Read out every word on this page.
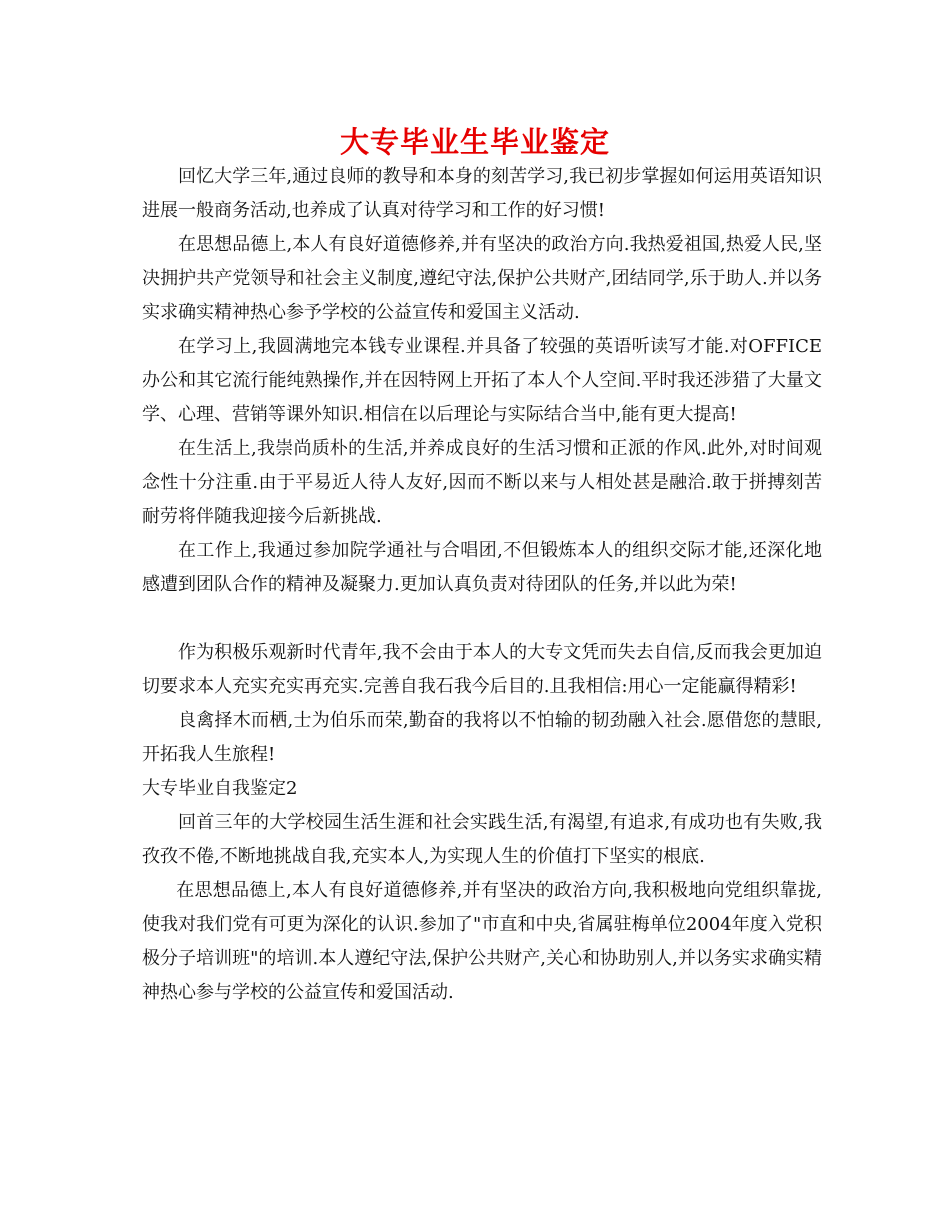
大专毕业生毕业鉴定

回忆大学三年,通过良师的教导和本身的刻苦学习,我已初步掌握如何运用英语知识进展一般商务活动,也养成了认真对待学习和工作的好习惯!

在思想品德上,本人有良好道德修养,并有坚决的政治方向.我热爱祖国,热爱人民,坚决拥护共产党领导和社会主义制度,遵纪守法,保护公共财产,团结同学,乐于助人.并以务实求确实精神热心参予学校的公益宣传和爱国主义活动.

在学习上,我圆满地完本钱专业课程.并具备了较强的英语听读写才能.对OFFICE办公和其它流行能纯熟操作,并在因特网上开拓了本人个人空间.平时我还涉猎了大量文学、心理、营销等课外知识.相信在以后理论与实际结合当中,能有更大提高!

在生活上,我崇尚质朴的生活,并养成良好的生活习惯和正派的作风.此外,对时间观念性十分注重.由于平易近人待人友好,因而不断以来与人相处甚是融洽.敢于拼搏刻苦耐劳将伴随我迎接今后新挑战.

在工作上,我通过参加院学通社与合唱团,不但锻炼本人的组织交际才能,还深化地感遭到团队合作的精神及凝聚力.更加认真负责对待团队的任务,并以此为荣!

作为积极乐观新时代青年,我不会由于本人的大专文凭而失去自信,反而我会更加迫切要求本人充实充实再充实.完善自我石我今后目的.且我相信:用心一定能赢得精彩!

良禽择木而栖,士为伯乐而荣,勤奋的我将以不怕输的韧劲融入社会.愿借您的慧眼,开拓我人生旅程!

大专毕业自我鉴定2

回首三年的大学校园生活生涯和社会实践生活,有渴望,有追求,有成功也有失败,我孜孜不倦,不断地挑战自我,充实本人,为实现人生的价值打下坚实的根底.

在思想品德上,本人有良好道德修养,并有坚决的政治方向,我积极地向党组织靠拢,使我对我们党有可更为深化的认识.参加了"市直和中央,省属驻梅单位2004年度入党积极分子培训班"的培训.本人遵纪守法,保护公共财产,关心和协助别人,并以务实求确实精神热心参与学校的公益宣传和爱国活动.
